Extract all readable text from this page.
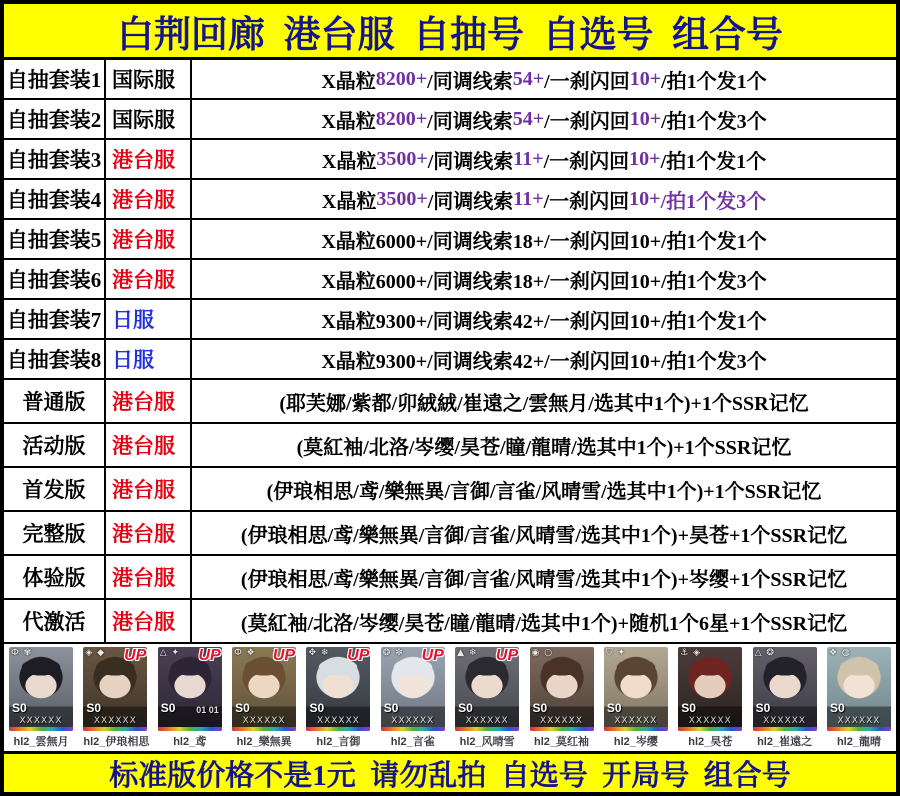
白荆回廊  港台服  自抽号  自选号  组合号
自抽套装1 国际服	X晶粒 8200+ /同调线索 54+ /一刹闪回 10+ /拍1个发1个
自抽套装2 国际服	X晶粒 8200+ /同调线索 54+ /一刹闪回 10+ /拍1个发3个
自抽套装3 港台服	X晶粒 3500+ /同调线索 11+ /一刹闪回 10+ /拍1个发1个
自抽套装4 港台服	X晶粒 3500+ /同调线索 11+ /一刹闪回 10+ /拍1个发3个
自抽套装5 港台服	X晶粒6000+/同调线索18+/一刹闪回10+/拍1个发1个
自抽套装6 港台服	X晶粒6000+/同调线索18+/一刹闪回10+/拍1个发3个
自抽套装7 日服	X晶粒9300+/同调线索42+/一刹闪回10+/拍1个发1个
自抽套装8 日服	X晶粒9300+/同调线索42+/一刹闪回10+/拍1个发3个
普通版	港台服	(耶芙娜/紫都/卯絨絨/崔遠之/雲無月/选其中1个)+1个SSR记忆
活动版	港台服	(莫紅袖/北洛/岑缨/昊苍/瞳/龍晴/选其中1个)+1个SSR记忆
首发版	港台服	(伊琅相思/鸢/樂無異/言御/言雀/风晴雪/选其中1个)+1个SSR记忆
完整版	港台服	(伊琅相思/鸢/樂無異/言御/言雀/风晴雪/选其中1个)+昊苍+1个SSR记忆
体验版	港台服	(伊琅相思/鸢/樂無異/言御/言雀/风晴雪/选其中1个)+岑缨+1个SSR记忆
代激活	港台服	(莫紅袖/北洛/岑缨/昊苍/瞳/龍晴/选其中1个)+随机1个6星+1个SSR记忆
Ф ✾
S0
XXXXXX
hl2_雲無月
◈ ◆ UP
S0
XXXXXX
hl2_伊琅相思
△ ✦ UP
S0 01 01
hl2_鸢
Ф ❖ UP
S0
XXXXXX
hl2_樂無異
✥ ❄ UP
S0
XXXXXX
hl2_言御
❂ ✼ UP
S0
XXXXXX
hl2_言雀
▲ ❄ UP
S0
XXXXXX
hl2_风晴雪
◉ ○
S0
XXXXXX
hl2_莫红袖
⛉ ✦
S0
XXXXXX
hl2_岑缨
⚓ ◈
S0
XXXXXX
hl2_昊苍
△ ❂
S0
XXXXXX
hl2_崔遠之
❖ ◍
S0
XXXXXX
hl2_龍晴
标准版价格不是1元  请勿乱拍  自选号  开局号  组合号
